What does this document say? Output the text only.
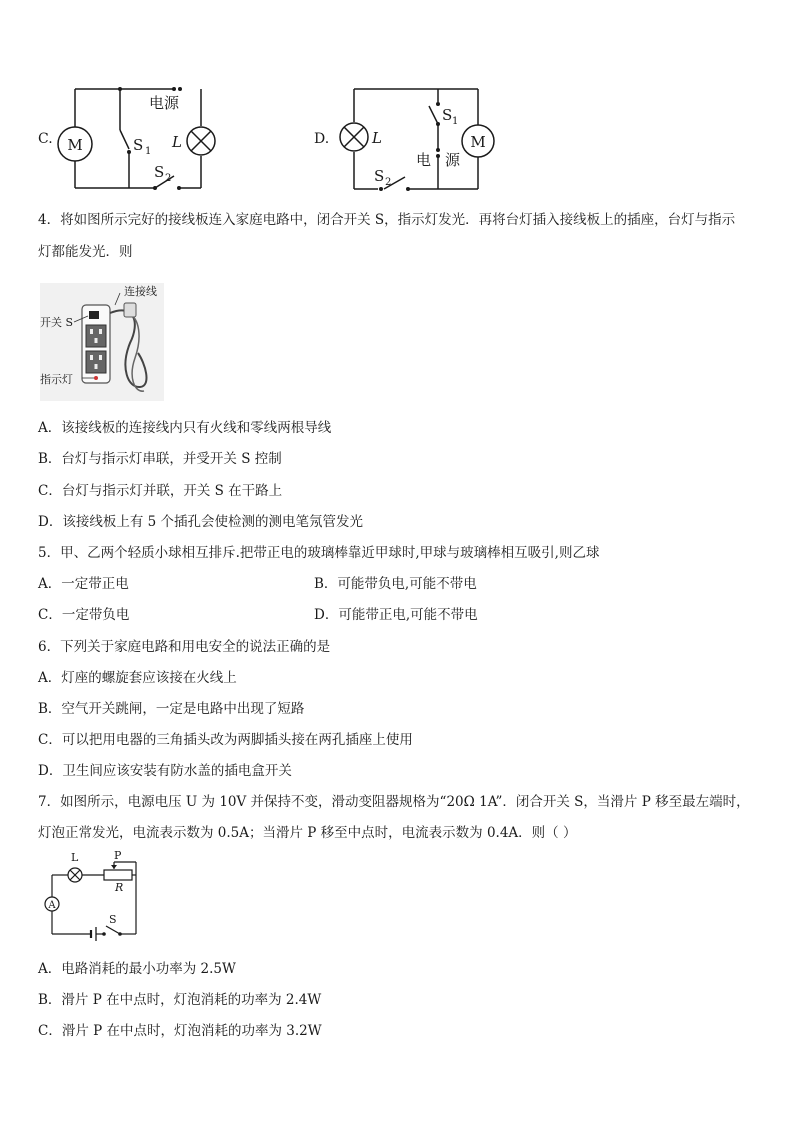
C. M
电源
S 1
L
S 2
D.	M
L
S 1
电 源
S 2
4．将如图所示完好的接线板连入家庭电路中，闭合开关 S，指示灯发光．再将台灯插入接线板上的插座，台灯与指示
灯都能发光．则
连接线
开关 S
指示灯
A．该接线板的连接线内只有火线和零线两根导线
B．台灯与指示灯串联，并受开关 S 控制
C．台灯与指示灯并联，开关 S 在干路上
D．该接线板上有 5 个插孔会使检测的测电笔氖管发光
5．甲、乙两个轻质小球相互排斥.把带正电的玻璃棒靠近甲球时,甲球与玻璃棒相互吸引,则乙球
A．一定带正电	B．可能带负电,可能不带电
C．一定带负电	D．可能带正电,可能不带电
6．下列关于家庭电路和用电安全的说法正确的是
A．灯座的螺旋套应该接在火线上
B．空气开关跳闸，一定是电路中出现了短路
C．可以把用电器的三角插头改为两脚插头接在两孔插座上使用
D．卫生间应该安装有防水盖的插电盒开关
7．如图所示，电源电压 U 为 10V 并保持不变，滑动变阻器规格为“20Ω 1A”．闭合开关 S，当滑片 P 移至最左端时，
灯泡正常发光，电流表示数为 0.5A；当滑片 P 移至中点时，电流表示数为 0.4A．则（ ）
L	P
R
A
S
A．电路消耗的最小功率为 2.5W
B．滑片 P 在中点时，灯泡消耗的功率为 2.4W
C．滑片 P 在中点时，灯泡消耗的功率为 3.2W
